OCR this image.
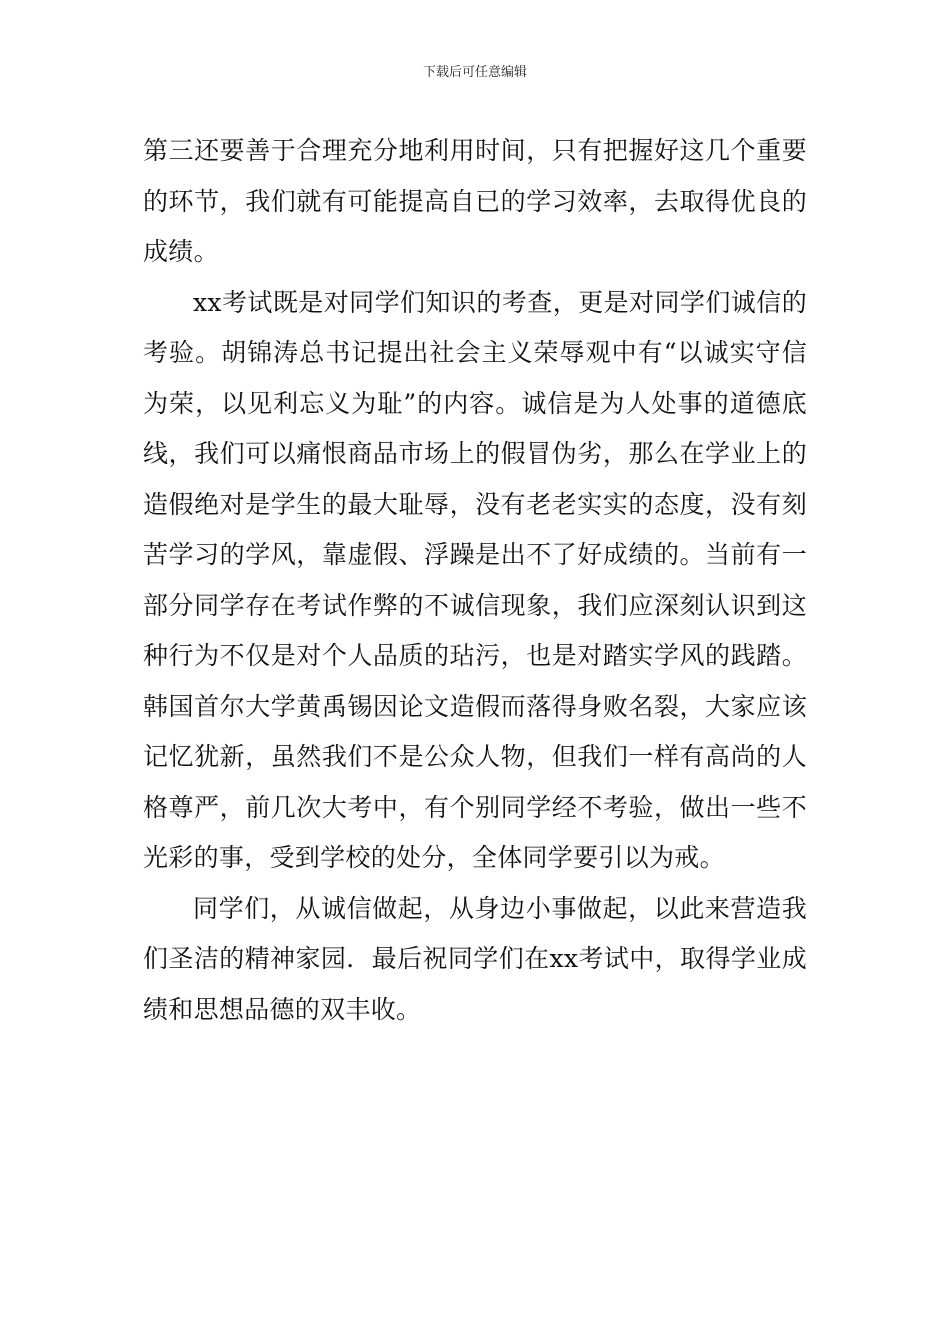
下载后可任意编辑

第三还要善于合理充分地利用时间，只有把握好这几个重要的环节，我们就有可能提高自已的学习效率，去取得优良的成绩。

xx考试既是对同学们知识的考查，更是对同学们诚信的考验。胡锦涛总书记提出社会主义荣辱观中有“以诚实守信为荣，以见利忘义为耻”的内容。诚信是为人处事的道德底线，我们可以痛恨商品市场上的假冒伪劣，那么在学业上的造假绝对是学生的最大耻辱，没有老老实实的态度，没有刻苦学习的学风，靠虚假、浮躁是出不了好成绩的。当前有一部分同学存在考试作弊的不诚信现象，我们应深刻认识到这种行为不仅是对个人品质的玷污，也是对踏实学风的践踏。韩国首尔大学黄禹锡因论文造假而落得身败名裂，大家应该记忆犹新，虽然我们不是公众人物，但我们一样有高尚的人格尊严，前几次大考中，有个别同学经不考验，做出一些不光彩的事，受到学校的处分，全体同学要引以为戒。

同学们，从诚信做起，从身边小事做起，以此来营造我们圣洁的精神家园．最后祝同学们在xx考试中，取得学业成绩和思想品德的双丰收。
